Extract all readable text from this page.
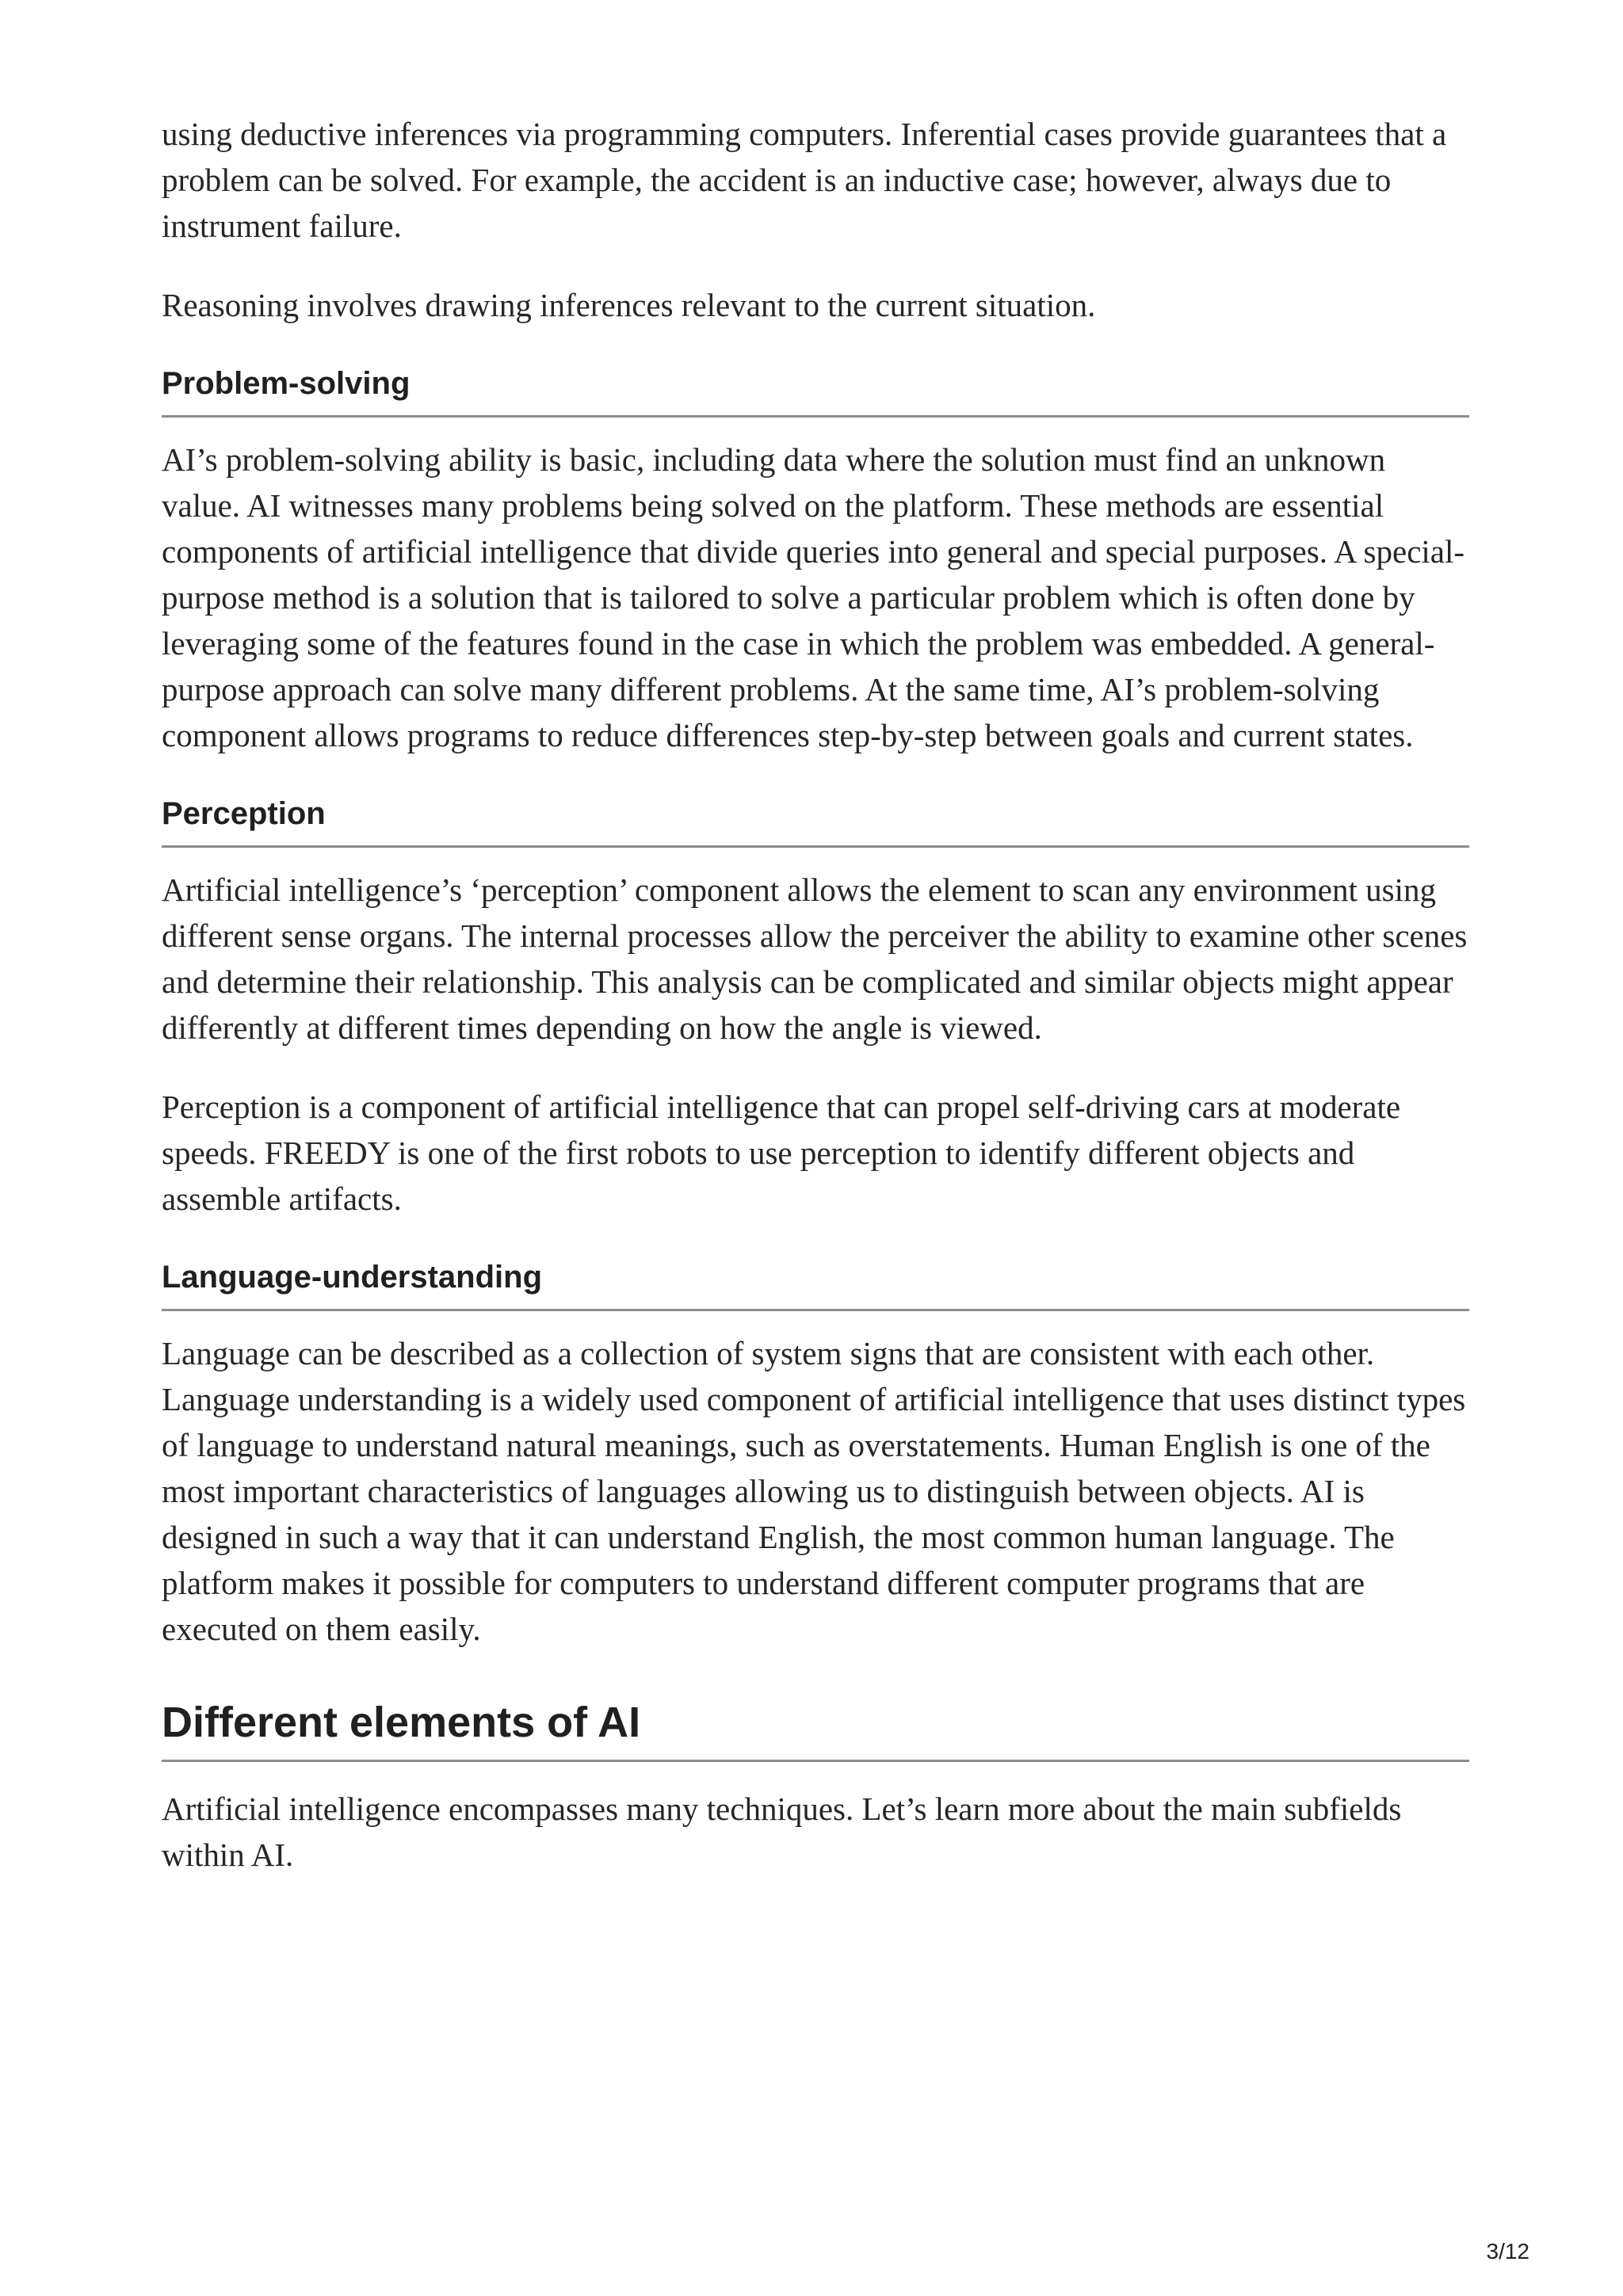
using deductive inferences via programming computers. Inferential cases provide guarantees that a problem can be solved. For example, the accident is an inductive case; however, always due to instrument failure.

Reasoning involves drawing inferences relevant to the current situation.

Problem-solving

AI’s problem-solving ability is basic, including data where the solution must find an unknown value. AI witnesses many problems being solved on the platform. These methods are essential components of artificial intelligence that divide queries into general and special purposes. A special-purpose method is a solution that is tailored to solve a particular problem which is often done by leveraging some of the features found in the case in which the problem was embedded. A general-purpose approach can solve many different problems. At the same time, AI’s problem-solving component allows programs to reduce differences step-by-step between goals and current states.

Perception

Artificial intelligence’s ‘perception’ component allows the element to scan any environment using different sense organs. The internal processes allow the perceiver the ability to examine other scenes and determine their relationship. This analysis can be complicated and similar objects might appear differently at different times depending on how the angle is viewed.

Perception is a component of artificial intelligence that can propel self-driving cars at moderate speeds. FREEDY is one of the first robots to use perception to identify different objects and assemble artifacts.

Language-understanding

Language can be described as a collection of system signs that are consistent with each other. Language understanding is a widely used component of artificial intelligence that uses distinct types of language to understand natural meanings, such as overstatements. Human English is one of the most important characteristics of languages allowing us to distinguish between objects. AI is designed in such a way that it can understand English, the most common human language. The platform makes it possible for computers to understand different computer programs that are executed on them easily.

Different elements of AI

Artificial intelligence encompasses many techniques. Let’s learn more about the main subfields within AI.

3/12
